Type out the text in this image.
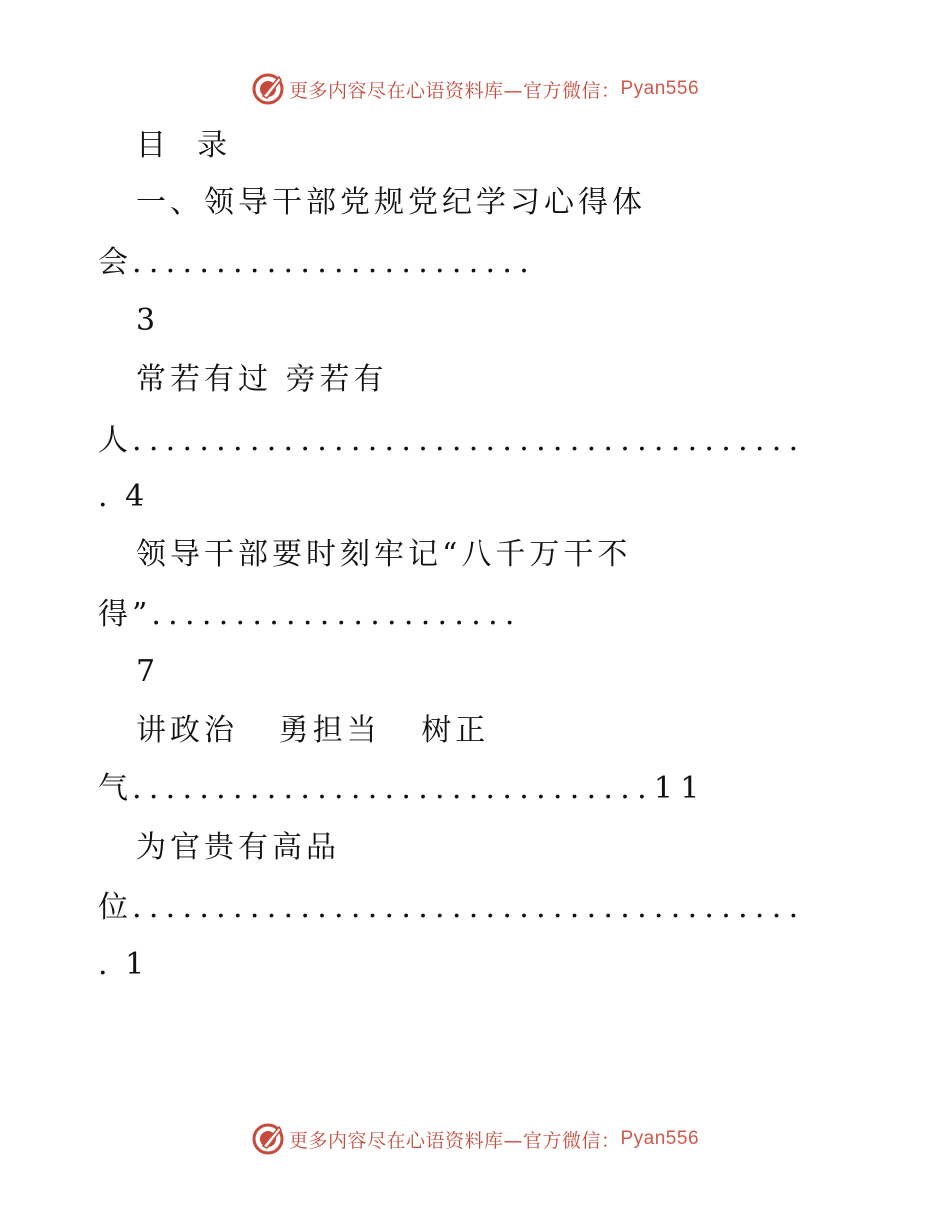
更多内容尽在心语资料库— 官方微信： Pyan556
目  录
一、领导干部党规党纪学习心得体
会........................
3
常若有过 旁若有
人........................................
. 4
领导干部要时刻牢记“八千万干不
得”......................
7
讲政治   勇担当   树正
气...............................11
为官贵有高品
位........................................
. 1
更多内容尽在心语资料库— 官方微信： Pyan556
